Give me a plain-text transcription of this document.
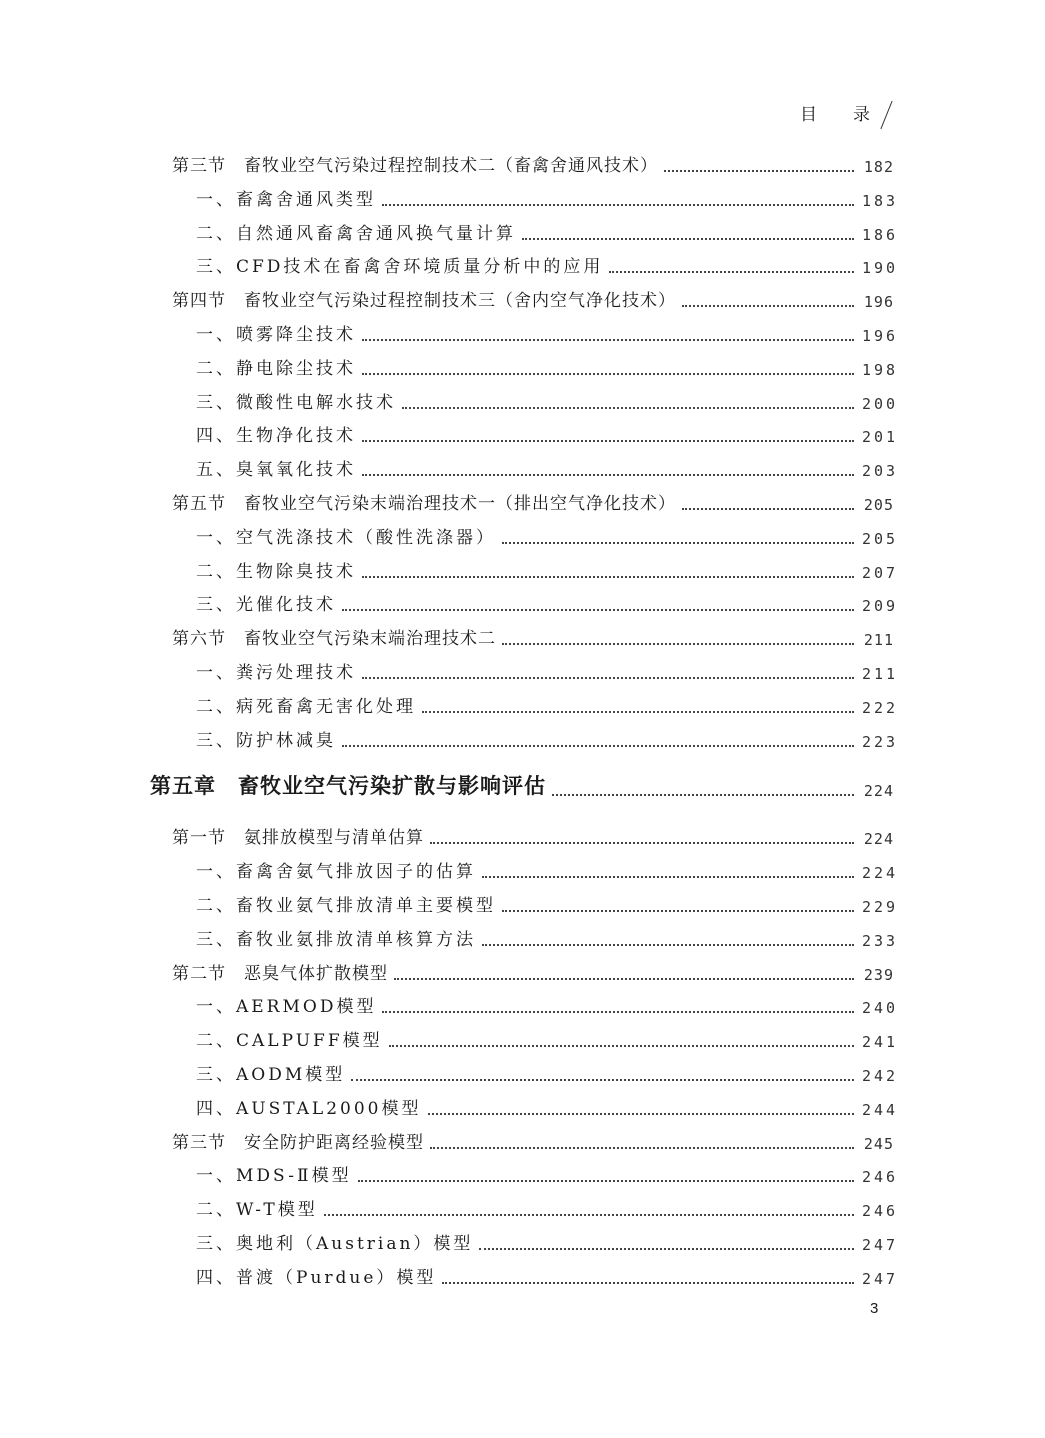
目 录
第三节　畜牧业空气污染过程控制技术二（畜禽舍通风技术）	182
一、畜禽舍通风类型	183
二、自然通风畜禽舍通风换气量计算	186
三、CFD技术在畜禽舍环境质量分析中的应用	190
第四节　畜牧业空气污染过程控制技术三（舍内空气净化技术）	196
一、喷雾降尘技术	196
二、静电除尘技术	198
三、微酸性电解水技术	200
四、生物净化技术	201
五、臭氧氧化技术	203
第五节　畜牧业空气污染末端治理技术一（排出空气净化技术）	205
一、空气洗涤技术（酸性洗涤器）	205
二、生物除臭技术	207
三、光催化技术	209
第六节　畜牧业空气污染末端治理技术二	211
一、粪污处理技术	211
二、病死畜禽无害化处理	222
三、防护林减臭	223
第五章　畜牧业空气污染扩散与影响评估	224
第一节　氨排放模型与清单估算	224
一、畜禽舍氨气排放因子的估算	224
二、畜牧业氨气排放清单主要模型	229
三、畜牧业氨排放清单核算方法	233
第二节　恶臭气体扩散模型	239
一、AERMOD模型	240
二、CALPUFF模型	241
三、AODM模型	242
四、AUSTAL2000模型	244
第三节　安全防护距离经验模型	245
一、MDS-Ⅱ模型	246
二、W-T模型	246
三、奥地利（Austrian）模型	247
四、普渡（Purdue）模型	247
3
